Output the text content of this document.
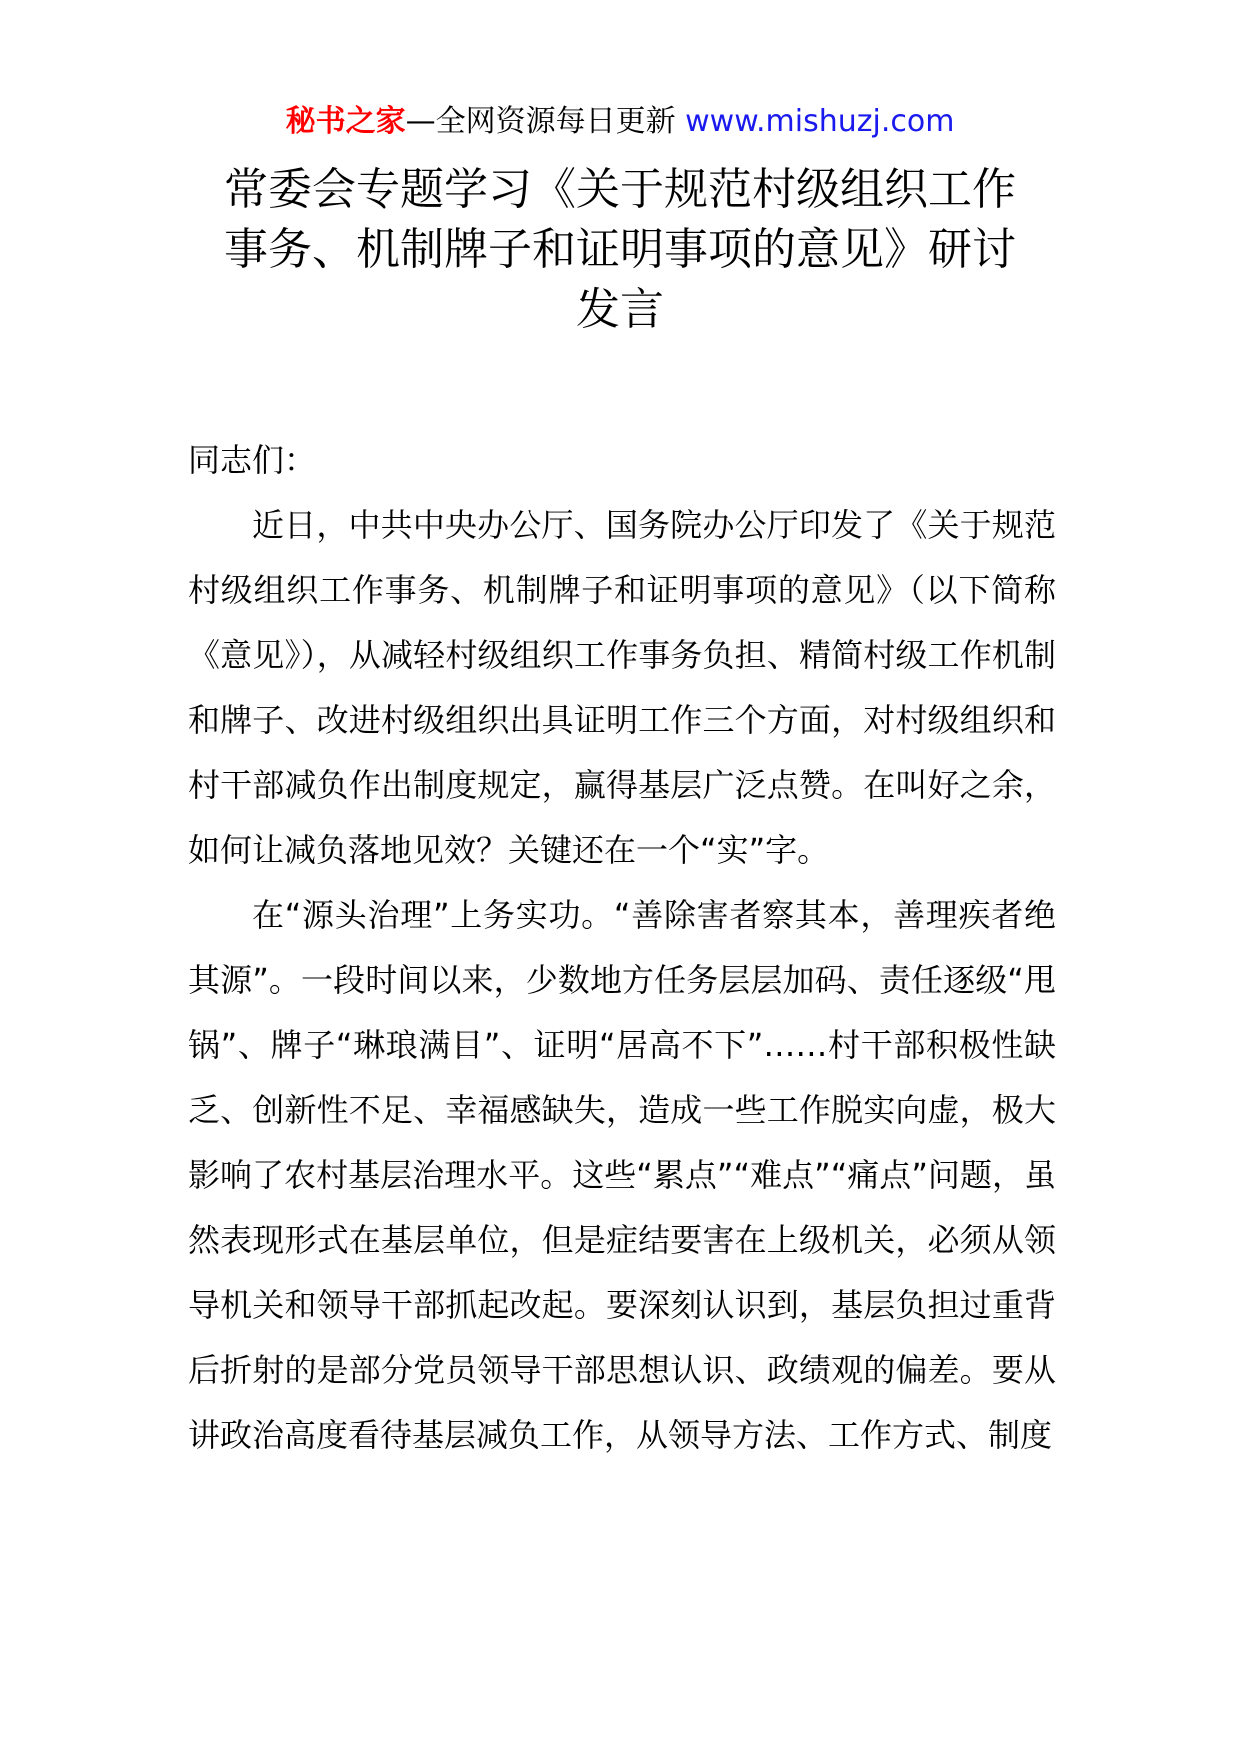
秘书之家—全网资源每日更新 www.mishuzj.com
常委会专题学习《关于规范村级组织工作
事务、机制牌子和证明事项的意见》研讨
发言

同志们：

近日，中共中央办公厅、国务院办公厅印发了《关于规范村级组织工作事务、机制牌子和证明事项的意见》（以下简称《意见》），从减轻村级组织工作事务负担、精简村级工作机制和牌子、改进村级组织出具证明工作三个方面，对村级组织和村干部减负作出制度规定，赢得基层广泛点赞。在叫好之余，如何让减负落地见效？关键还在一个“实”字。

在“源头治理”上务实功。“善除害者察其本，善理疾者绝其源”。一段时间以来，少数地方任务层层加码、责任逐级“甩锅”、牌子“琳琅满目”、证明“居高不下”……村干部积极性缺乏、创新性不足、幸福感缺失，造成一些工作脱实向虚，极大影响了农村基层治理水平。这些“累点”“难点”“痛点”问题，虽然表现形式在基层单位，但是症结要害在上级机关，必须从领导机关和领导干部抓起改起。要深刻认识到，基层负担过重背后折射的是部分党员领导干部思想认识、政绩观的偏差。要从讲政治高度看待基层减负工作，从领导方法、工作方式、制度
